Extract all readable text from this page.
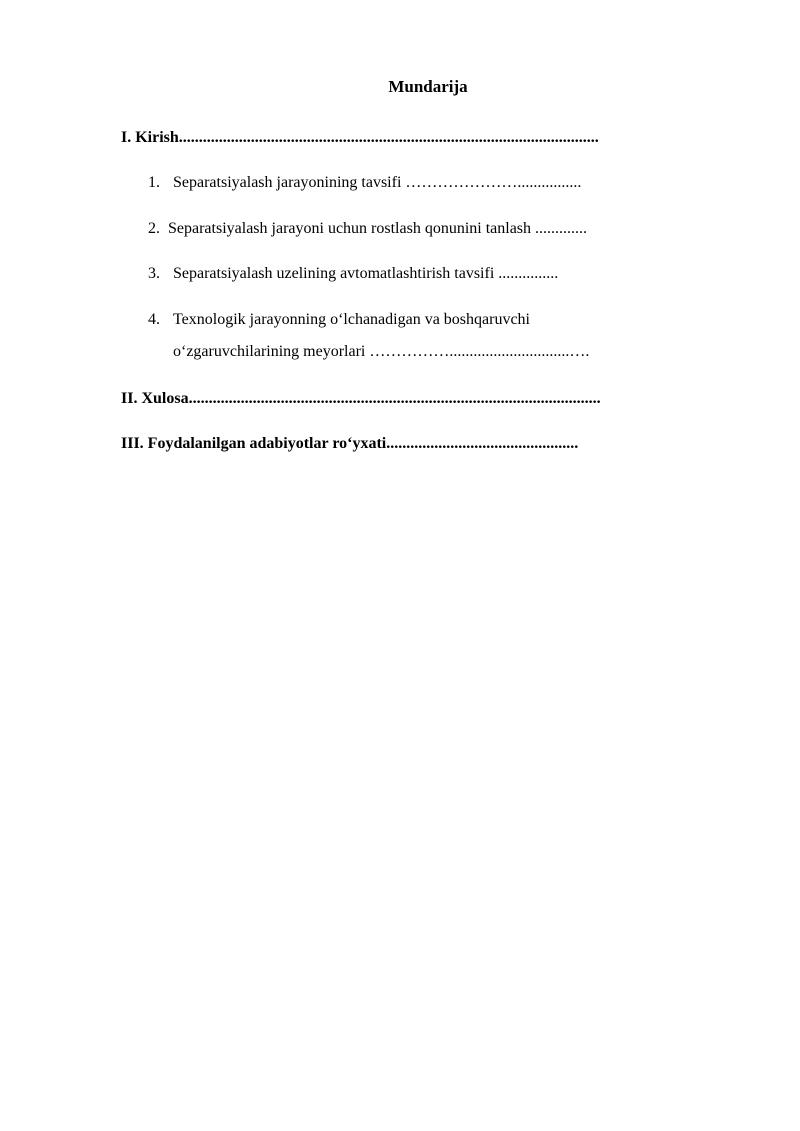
Mundarija
I. Kirish.........................................................................................................
1. Separatsiyalash jarayonining tavsifi …………………................
2. Separatsiyalash jarayoni uchun rostlash qonunini tanlash .............
3. Separatsiyalash uzelining avtomatlashtirish tavsifi ...............
4. Texnologik jarayonning o‘lchanadigan va boshqaruvchi
o‘zgaruvchilarining meyorlari ……………..............................….
II. Xulosa.......................................................................................................
III. Foydalanilgan adabiyotlar ro‘yxati................................................
